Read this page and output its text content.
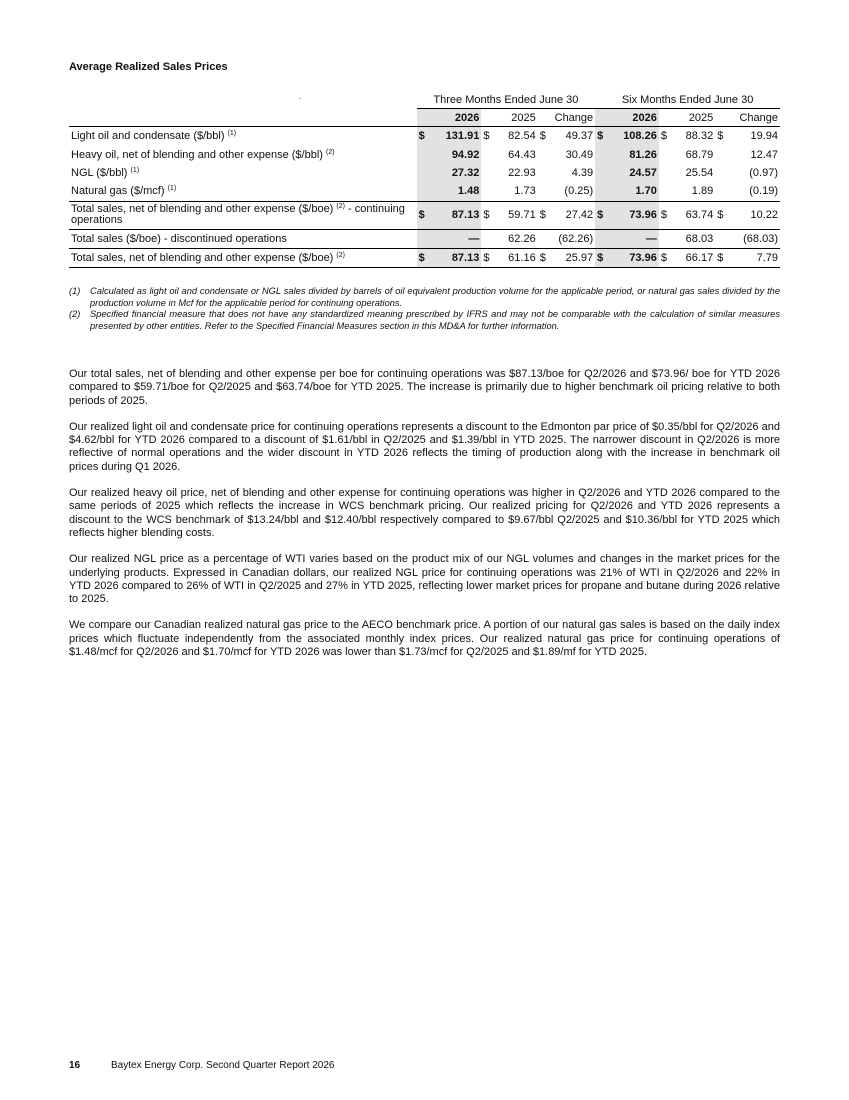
Average Realized Sales Prices
.
		Three Months Ended June 30						Six Months Ended June 30					
	2026		2025		Change		2026		2025		Change	
Light oil and condensate ($/bbl) $^{(1)}$	$	131.91	$	82.54	$	49.37	$	108.26	$	88.32	$	19.94
Heavy oil, net of blending and other expense ($/bbl) $^{(2)}$		94.92		64.43		30.49		81.26		68.79		12.47
NGL ($/bbl) $^{(1)}$		27.32		22.93		4.39		24.57		25.54		(0.97)
Natural gas ($/mcf) $^{(1)}$		1.48		1.73		(0.25)		1.70		1.89		(0.19)
Total sales, net of blending and other expense ($/boe) $^{(2)}$ - continuing operations	$	87.13	$	59.71	$	27.42	$	73.96	$	63.74	$	10.22
Total sales ($/boe) - discontinued operations		—		62.26		(62.26)		—		68.03		(68.03)
Total sales, net of blending and other expense ($/boe) $^{(2)}$	$	87.13	$	61.16	$	25.97	$	73.96	$	66.17	$	7.79
(1)	Calculated as light oil and condensate or NGL sales divided by barrels of oil equivalent production volume for the applicable period, or natural gas sales divided by the production volume in Mcf for the applicable period for continuing operations.
(2)	Specified financial measure that does not have any standardized meaning prescribed by IFRS and may not be comparable with the calculation of similar measures presented by other entities. Refer to the Specified Financial Measures section in this MD&A for further information.

Our total sales, net of blending and other expense per boe for continuing operations was $87.13/boe for Q2/2026 and $73.96/ boe for YTD 2026 compared to $59.71/boe for Q2/2025 and $63.74/boe for YTD 2025. The increase is primarily due to higher benchmark oil pricing relative to both periods of 2025.

Our realized light oil and condensate price for continuing operations represents a discount to the Edmonton par price of $0.35/bbl for Q2/2026 and $4.62/bbl for YTD 2026 compared to a discount of $1.61/bbl in Q2/2025 and $1.39/bbl in YTD 2025. The narrower discount in Q2/2026 is more reflective of normal operations and the wider discount in YTD 2026 reflects the timing of production along with the increase in benchmark oil prices during Q1 2026.

Our realized heavy oil price, net of blending and other expense for continuing operations was higher in Q2/2026 and YTD 2026 compared to the same periods of 2025 which reflects the increase in WCS benchmark pricing. Our realized pricing for Q2/2026 and YTD 2026 represents a discount to the WCS benchmark of $13.24/bbl and $12.40/bbl respectively compared to $9.67/bbl Q2/2025 and $10.36/bbl for YTD 2025 which reflects higher blending costs.

Our realized NGL price as a percentage of WTI varies based on the product mix of our NGL volumes and changes in the market prices for the underlying products. Expressed in Canadian dollars, our realized NGL price for continuing operations was 21% of WTI in Q2/2026 and 22% in YTD 2026 compared to 26% of WTI in Q2/2025 and 27% in YTD 2025, reflecting lower market prices for propane and butane during 2026 relative to 2025.

We compare our Canadian realized natural gas price to the AECO benchmark price. A portion of our natural gas sales is based on the daily index prices which fluctuate independently from the associated monthly index prices. Our realized natural gas price for continuing operations of $1.48/mcf for Q2/2026 and $1.70/mcf for YTD 2026 was lower than $1.73/mcf for Q2/2025 and $1.89/mf for YTD 2025.

16	Baytex Energy Corp. Second Quarter Report 2026
